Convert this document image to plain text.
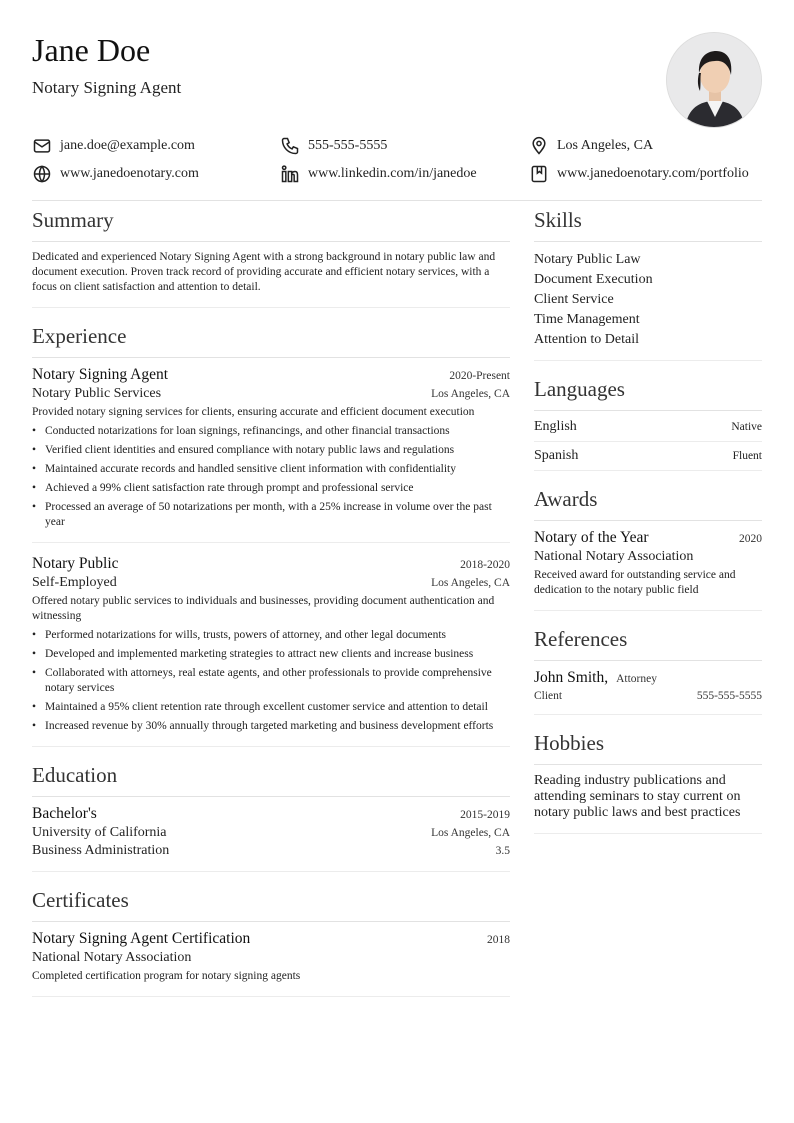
Jane Doe
Notary Signing Agent
jane.doe@example.com	555-555-5555	Los Angeles, CA
www.janedoenotary.com	www.linkedin.com/in/janedoe	www.janedoenotary.com/portfolio
Summary
Dedicated and experienced Notary Signing Agent with a strong background in notary public law and document execution. Proven track record of providing accurate and efficient notary services, with a focus on client satisfaction and attention to detail.
Experience
Notary Signing Agent	2020-Present
Notary Public Services	Los Angeles, CA
Provided notary signing services for clients, ensuring accurate and efficient document execution
• Conducted notarizations for loan signings, refinancings, and other financial transactions
• Verified client identities and ensured compliance with notary public laws and regulations
• Maintained accurate records and handled sensitive client information with confidentiality
• Achieved a 99% client satisfaction rate through prompt and professional service
• Processed an average of 50 notarizations per month, with a 25% increase in volume over the past year
Notary Public	2018-2020
Self-Employed	Los Angeles, CA
Offered notary public services to individuals and businesses, providing document authentication and witnessing
• Performed notarizations for wills, trusts, powers of attorney, and other legal documents
• Developed and implemented marketing strategies to attract new clients and increase business
• Collaborated with attorneys, real estate agents, and other professionals to provide comprehensive notary services
• Maintained a 95% client retention rate through excellent customer service and attention to detail
• Increased revenue by 30% annually through targeted marketing and business development efforts
Education
Bachelor's	2015-2019
University of California	Los Angeles, CA
Business Administration	3.5
Certificates
Notary Signing Agent Certification	2018
National Notary Association
Completed certification program for notary signing agents
Skills
Notary Public Law
Document Execution
Client Service
Time Management
Attention to Detail
Languages
English	Native
Spanish	Fluent
Awards
Notary of the Year	2020
National Notary Association
Received award for outstanding service and dedication to the notary public field
References
John Smith, Attorney
Client	555-555-5555
Hobbies
Reading industry publications and attending seminars to stay current on notary public laws and best practices
